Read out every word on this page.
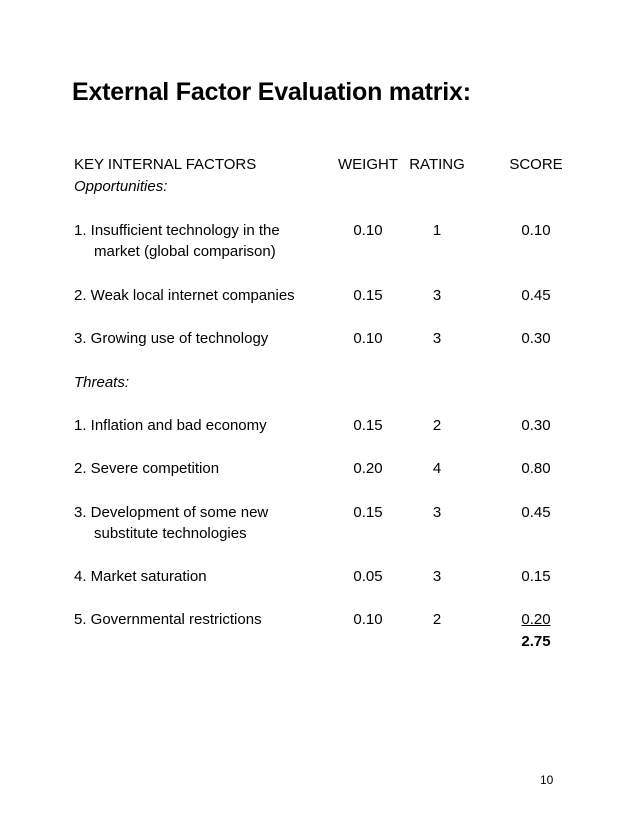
External Factor Evaluation matrix:
KEY INTERNAL FACTORS	WEIGHT RATING	SCORE
Opportunities:
1. Insufficient technology in the
market (global comparison)
0.10	1	0.10
2. Weak local internet companies	0.15	3	0.45
3. Growing use of technology	0.10	3	0.30
Threats:
1. Inflation and bad economy	0.15	2	0.30
2. Severe competition	0.20	4	0.80
3. Development of some new
substitute technologies
0.15	3	0.45
4. Market saturation	0.05	3	0.15
5. Governmental restrictions	0.10	2	0.20
2.75
10
